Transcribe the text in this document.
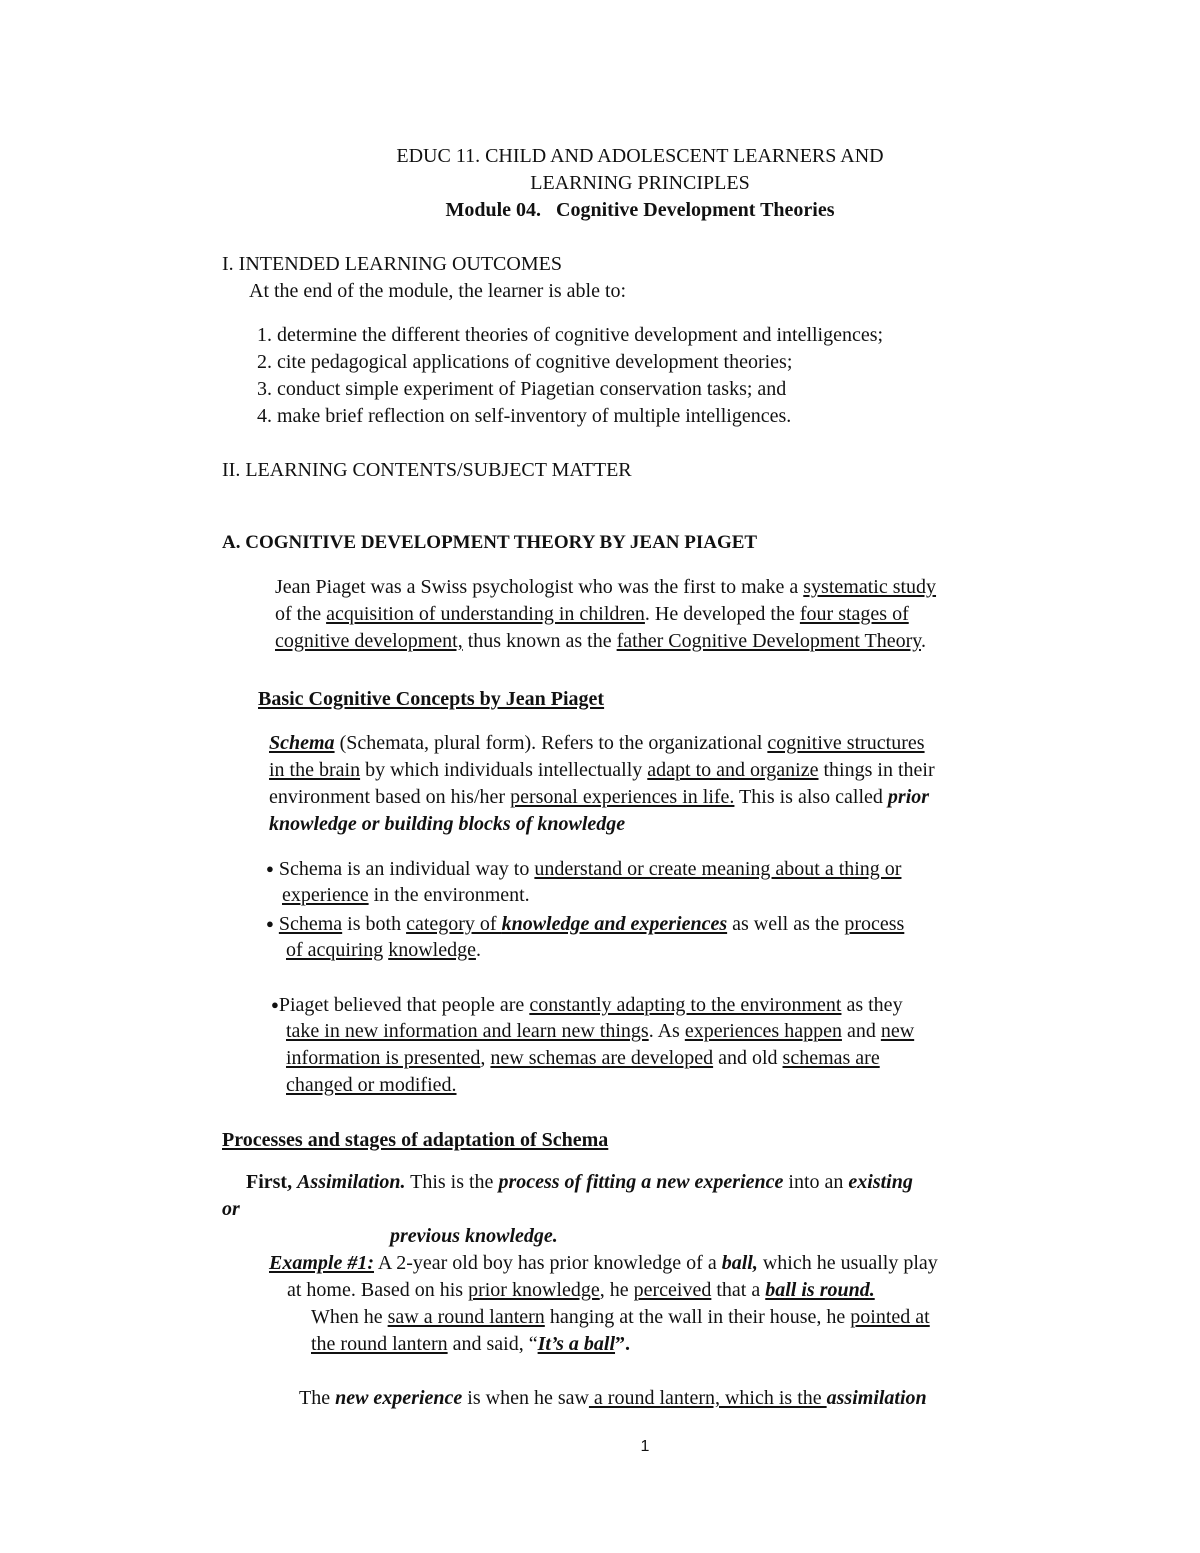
EDUC 11. CHILD AND ADOLESCENT LEARNERS AND
LEARNING PRINCIPLES
Module 04. Cognitive Development Theories
I. INTENDED LEARNING OUTCOMES
At the end of the module, the learner is able to:
1. determine the different theories of cognitive development and intelligences;
2. cite pedagogical applications of cognitive development theories;
3. conduct simple experiment of Piagetian conservation tasks; and
4. make brief reflection on self-inventory of multiple intelligences.
II. LEARNING CONTENTS/SUBJECT MATTER
A. COGNITIVE DEVELOPMENT THEORY BY JEAN PIAGET
Jean Piaget was a Swiss psychologist who was the first to make a systematic study
of the acquisition of understanding in children. He developed the four stages of
cognitive development, thus known as the father Cognitive Development Theory.
Basic Cognitive Concepts by Jean Piaget
Schema (Schemata, plural form). Refers to the organizational cognitive structures
in the brain by which individuals intellectually adapt to and organize things in their
environment based on his/her personal experiences in life. This is also called prior
knowledge or building blocks of knowledge
● Schema is an individual way to understand or create meaning about a thing or
experience in the environment.
● Schema is both category of knowledge and experiences as well as the process
of acquiring knowledge.
●Piaget believed that people are constantly adapting to the environment as they
take in new information and learn new things. As experiences happen and new
information is presented, new schemas are developed and old schemas are
changed or modified.
Processes and stages of adaptation of Schema
First, Assimilation. This is the process of fitting a new experience into an existing
or
previous knowledge.
Example #1: A 2-year old boy has prior knowledge of a ball, which he usually play
at home. Based on his prior knowledge, he perceived that a ball is round.
When he saw a round lantern hanging at the wall in their house, he pointed at
the round lantern and said, “It’s a ball”.
The new experience is when he saw a round lantern, which is the assimilation
1
